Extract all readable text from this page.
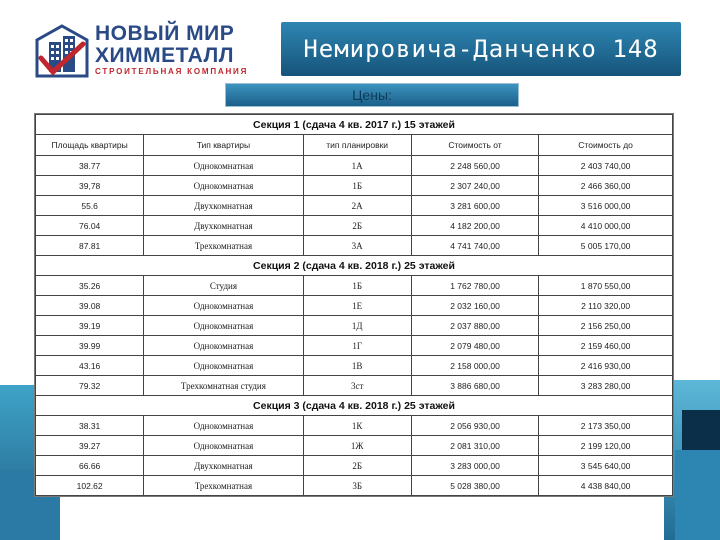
НОВЫЙ МИР
ХИММЕТАЛЛ
СТРОИТЕЛЬНАЯ КОМПАНИЯ
Немировича-Данченко 148
Цены:
Секция 1 (сдача 4 кв. 2017 г.) 15 этажей				
Площадь квартиры	Тип квартиры	тип планировки	Стоимость от	Стоимость до
38.77	Однокомнатная	1А	2 248 560,00	2 403 740,00
39,78	Однокомнатная	1Б	2 307 240,00	2 466 360,00
55.6	Двухкомнатная	2А	3 281 600,00	3 516 000,00
76.04	Двухкомнатная	2Б	4 182 200,00	4 410 000,00
87.81	Трехкомнатная	3А	4 741 740,00	5 005 170,00
Секция 2 (сдача 4 кв. 2018 г.) 25 этажей				
35.26	Студия	1Б	1 762 780,00	1 870 550,00
39.08	Однокомнатная	1Е	2 032 160,00	2 110 320,00
39.19	Однокомнатная	1Д	2 037 880,00	2 156 250,00
39.99	Однокомнатная	1Г	2 079 480,00	2 159 460,00
43.16	Однокомнатная	1В	2 158 000,00	2 416 930,00
79.32	Трехкомнатная студия	3ст	3 886 680,00	3 283 280,00
Секция 3 (сдача 4 кв. 2018 г.) 25 этажей				
38.31	Однокомнатная	1К	2 056 930,00	2 173 350,00
39.27	Однокомнатная	1Ж	2 081 310,00	2 199 120,00
66.66	Двухкомнатная	2Б	3 283 000,00	3 545 640,00
102.62	Трехкомнатная	3Б	5 028 380,00	4 438 840,00
